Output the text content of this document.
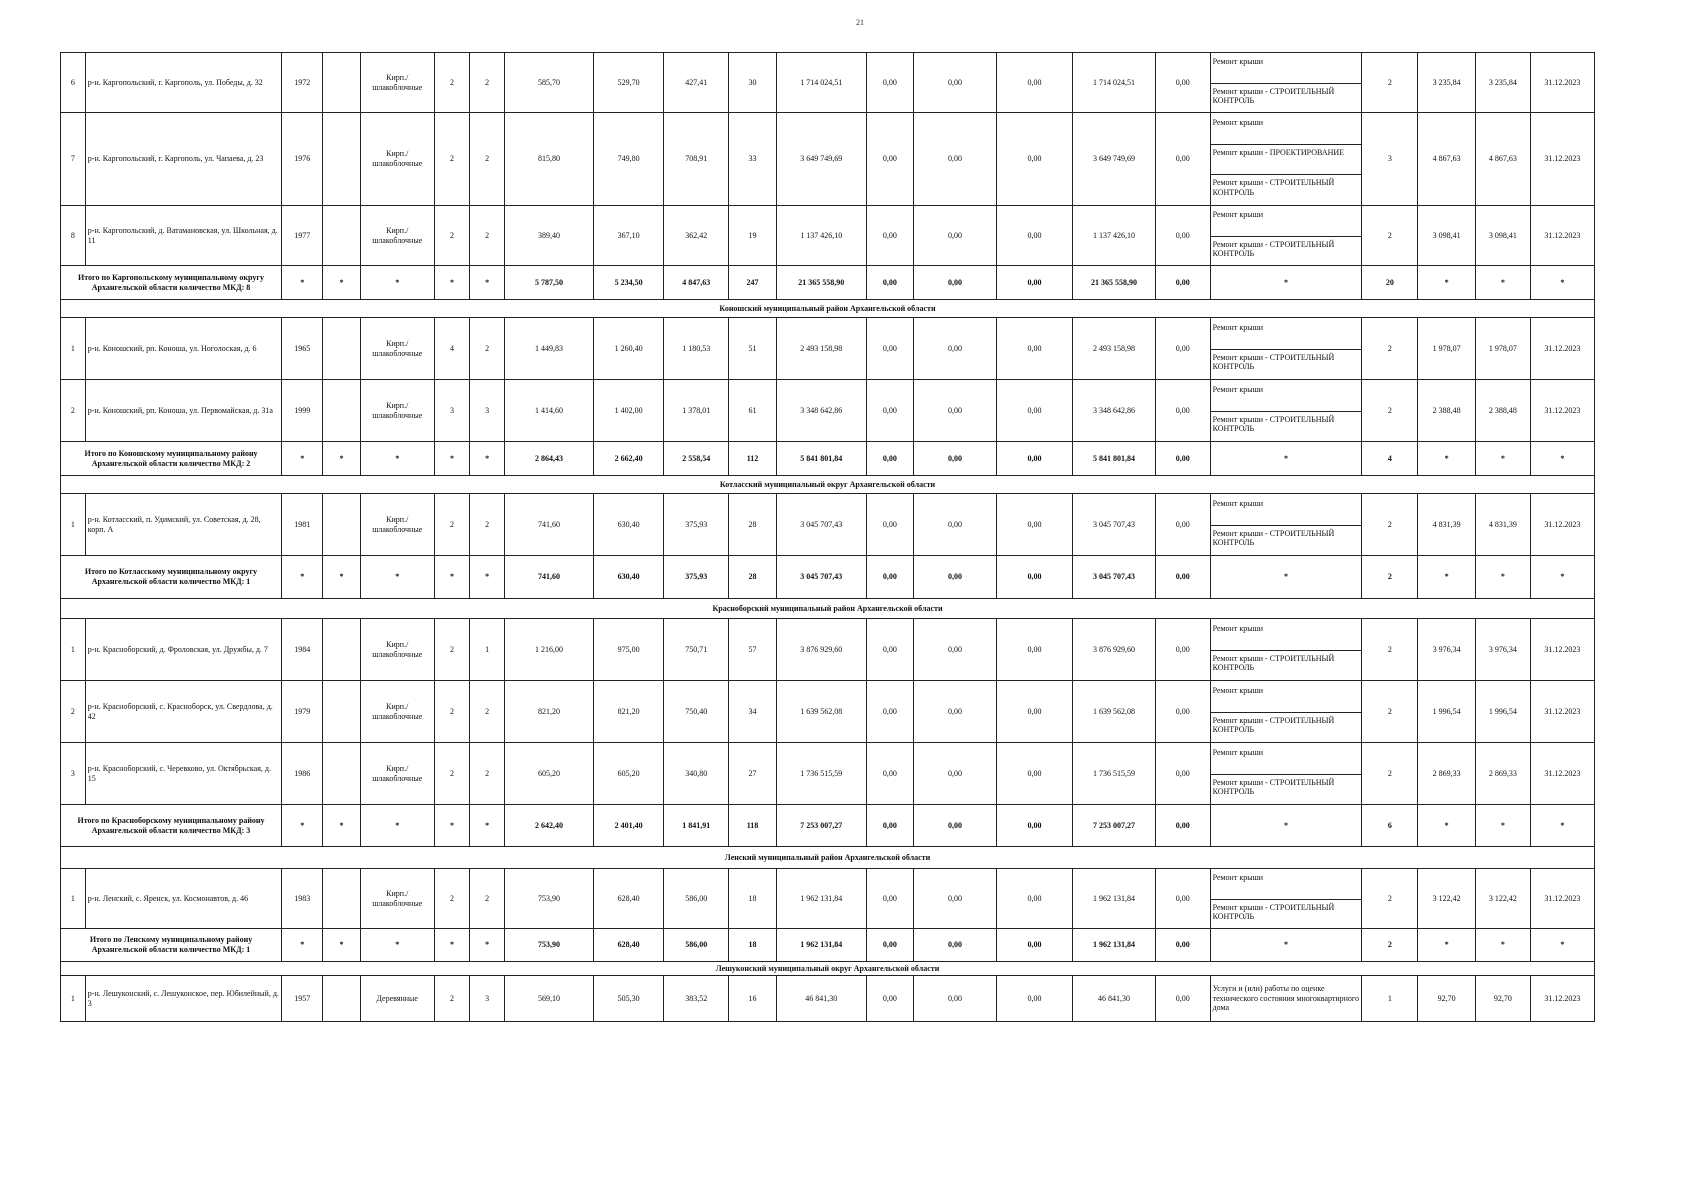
21
6	р-н. Каргопольский, г. Каргополь, ул. Победы, д. 32	1972		Кирп./ шлакоблочные	2	2	585,70	529,70	427,41	30	1 714 024,51	0,00	0,00	0,00	1 714 024,51	0,00	Ремонт крыши
Ремонт крыши - СТРОИТЕЛЬНЫЙ КОНТРОЛЬ	2	3 235,84	3 235,84	31.12.2023
7	р-н. Каргопольский, г. Каргополь, ул. Чапаева, д. 23	1976		Кирп./ шлакоблочные	2	2	815,80	749,80	708,91	33	3 649 749,69	0,00	0,00	0,00	3 649 749,69	0,00	Ремонт крыши
Ремонт крыши - ПРОЕКТИРОВАНИЕ
Ремонт крыши - СТРОИТЕЛЬНЫЙ КОНТРОЛЬ	3	4 867,63	4 867,63	31.12.2023
8	р-н. Каргопольский, д. Ватамановская, ул. Школьная, д. 11	1977		Кирп./ шлакоблочные	2	2	389,40	367,10	362,42	19	1 137 426,10	0,00	0,00	0,00	1 137 426,10	0,00	Ремонт крыши
Ремонт крыши - СТРОИТЕЛЬНЫЙ КОНТРОЛЬ	2	3 098,41	3 098,41	31.12.2023
Итого по Каргопольскому муниципальному округу Архангельской области количество МКД: 8		*	*	*	*	*	5 787,50	5 234,50	4 847,63	247	21 365 558,90	0,00	0,00	0,00	21 365 558,90	0,00	*	20	*	*	*
Коношский муниципальный район Архангельской области																					
1	р-н. Коношский, рп. Коноша, ул. Ноголоская, д. 6	1965		Кирп./ шлакоблочные	4	2	1 449,83	1 260,40	1 180,53	51	2 493 158,98	0,00	0,00	0,00	2 493 158,98	0,00	Ремонт крыши
Ремонт крыши - СТРОИТЕЛЬНЫЙ КОНТРОЛЬ	2	1 978,07	1 978,07	31.12.2023
2	р-н. Коношский, рп. Коноша, ул. Первомайская, д. 31а	1999		Кирп./ шлакоблочные	3	3	1 414,60	1 402,00	1 378,01	61	3 348 642,86	0,00	0,00	0,00	3 348 642,86	0,00	Ремонт крыши
Ремонт крыши - СТРОИТЕЛЬНЫЙ КОНТРОЛЬ	2	2 388,48	2 388,48	31.12.2023
Итого по Коношскому муниципальному району Архангельской области количество МКД: 2		*	*	*	*	*	2 864,43	2 662,40	2 558,54	112	5 841 801,84	0,00	0,00	0,00	5 841 801,84	0,00	*	4	*	*	*
Котласский муниципальный округ Архангельской области																					
1	р-н. Котласский, п. Удимский, ул. Советская, д. 28, корп. А	1981		Кирп./ шлакоблочные	2	2	741,60	630,40	375,93	28	3 045 707,43	0,00	0,00	0,00	3 045 707,43	0,00	Ремонт крыши
Ремонт крыши - СТРОИТЕЛЬНЫЙ КОНТРОЛЬ	2	4 831,39	4 831,39	31.12.2023
Итого по Котласскому муниципальному округу Архангельской области количество МКД: 1		*	*	*	*	*	741,60	630,40	375,93	28	3 045 707,43	0,00	0,00	0,00	3 045 707,43	0,00	*	2	*	*	*
Красноборский муниципальный район Архангельской области																					
1	р-н. Красноборский, д. Фроловская, ул. Дружбы, д. 7	1984		Кирп./ шлакоблочные	2	1	1 216,00	975,00	750,71	57	3 876 929,60	0,00	0,00	0,00	3 876 929,60	0,00	Ремонт крыши
Ремонт крыши - СТРОИТЕЛЬНЫЙ КОНТРОЛЬ	2	3 976,34	3 976,34	31.12.2023
2	р-н. Красноборский, с. Красноборск, ул. Свердлова, д. 42	1979		Кирп./ шлакоблочные	2	2	821,20	821,20	750,40	34	1 639 562,08	0,00	0,00	0,00	1 639 562,08	0,00	Ремонт крыши
Ремонт крыши - СТРОИТЕЛЬНЫЙ КОНТРОЛЬ	2	1 996,54	1 996,54	31.12.2023
3	р-н. Красноборский, с. Черевково, ул. Октябрьская, д. 15	1986		Кирп./ шлакоблочные	2	2	605,20	605,20	340,80	27	1 736 515,59	0,00	0,00	0,00	1 736 515,59	0,00	Ремонт крыши
Ремонт крыши - СТРОИТЕЛЬНЫЙ КОНТРОЛЬ	2	2 869,33	2 869,33	31.12.2023
Итого по Красноборскому муниципальному району Архангельской области количество МКД: 3		*	*	*	*	*	2 642,40	2 401,40	1 841,91	118	7 253 007,27	0,00	0,00	0,00	7 253 007,27	0,00	*	6	*	*	*
Ленский муниципальный район Архангельской области																					
1	р-н. Ленский, с. Яренск, ул. Космонавтов, д. 46	1983		Кирп./ шлакоблочные	2	2	753,90	628,40	586,00	18	1 962 131,84	0,00	0,00	0,00	1 962 131,84	0,00	Ремонт крыши
Ремонт крыши - СТРОИТЕЛЬНЫЙ КОНТРОЛЬ	2	3 122,42	3 122,42	31.12.2023
Итого по Ленскому муниципальному району Архангельской области количество МКД: 1		*	*	*	*	*	753,90	628,40	586,00	18	1 962 131,84	0,00	0,00	0,00	1 962 131,84	0,00	*	2	*	*	*
Лешуконский муниципальный округ Архангельской области																					
1	р-н. Лешуконский, с. Лешуконское, пер. Юбилейный, д. 3	1957		Деревянные	2	3	569,10	505,30	383,52	16	46 841,30	0,00	0,00	0,00	46 841,30	0,00	Услуги и (или) работы по оценке технического состояния многоквартирного дома	1	92,70	92,70	31.12.2023
